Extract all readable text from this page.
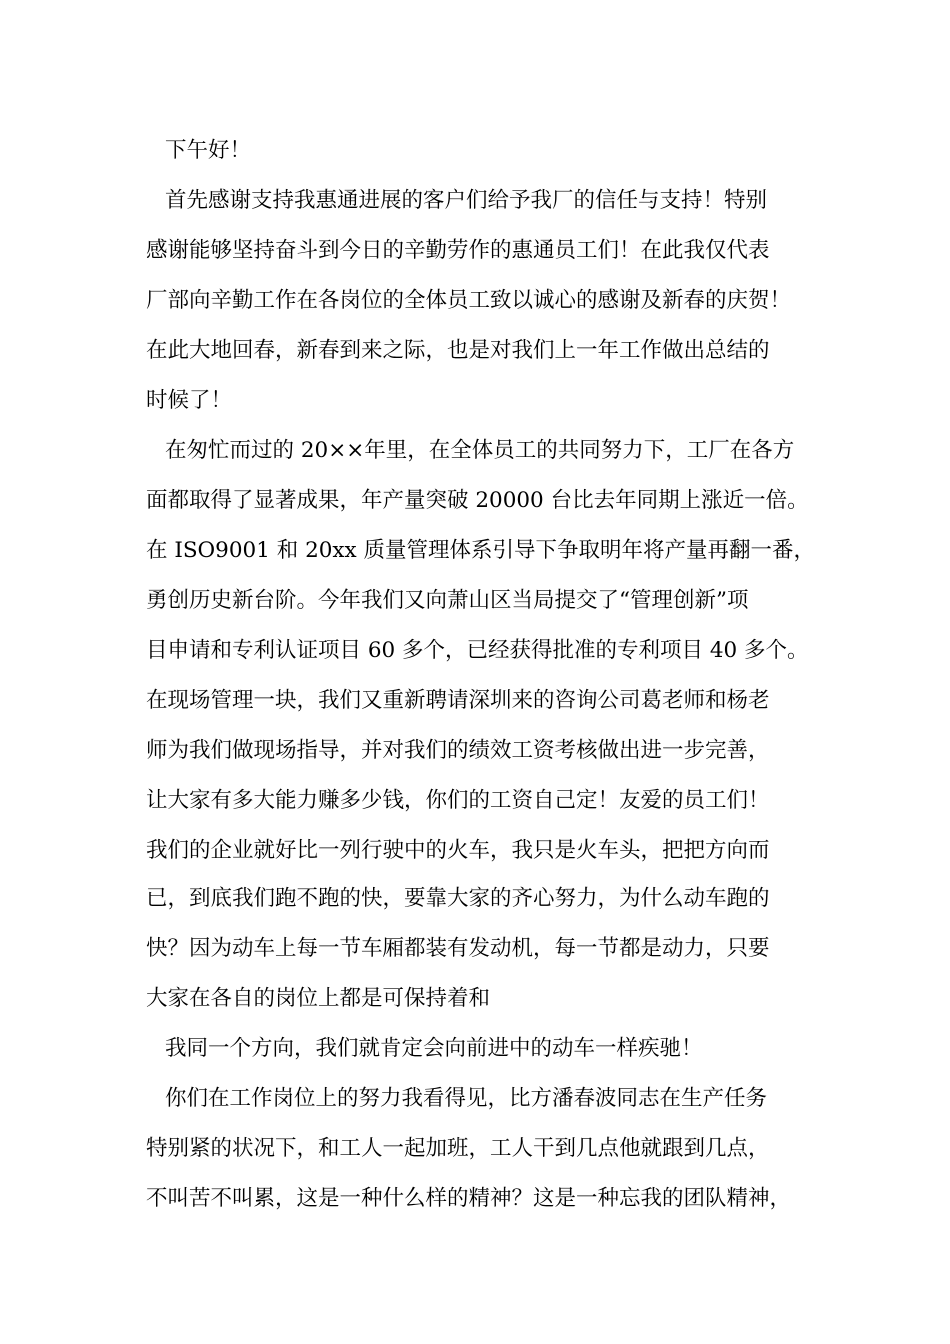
下午好！
首先感谢支持我惠通进展的客户们给予我厂的信任与支持！特别
感谢能够坚持奋斗到今日的辛勤劳作的惠通员工们！在此我仅代表
厂部向辛勤工作在各岗位的全体员工致以诚心的感谢及新春的庆贺！
在此大地回春，新春到来之际，也是对我们上一年工作做出总结的
时候了！
在匆忙而过的 20××年里，在全体员工的共同努力下，工厂在各方
面都取得了显著成果，年产量突破 20000 台比去年同期上涨近一倍。
在 ISO9001 和 20xx 质量管理体系引导下争取明年将产量再翻一番，
勇创历史新台阶。今年我们又向萧山区当局提交了“管理创新”项
目申请和专利认证项目 60 多个，已经获得批准的专利项目 40 多个。
在现场管理一块，我们又重新聘请深圳来的咨询公司葛老师和杨老
师为我们做现场指导，并对我们的绩效工资考核做出进一步完善，
让大家有多大能力赚多少钱，你们的工资自己定！友爱的员工们！
我们的企业就好比一列行驶中的火车，我只是火车头，把把方向而
已，到底我们跑不跑的快，要靠大家的齐心努力，为什么动车跑的
快？因为动车上每一节车厢都装有发动机，每一节都是动力，只要
大家在各自的岗位上都是可保持着和
我同一个方向，我们就肯定会向前进中的动车一样疾驰！
你们在工作岗位上的努力我看得见，比方潘春波同志在生产任务
特别紧的状况下，和工人一起加班，工人干到几点他就跟到几点，
不叫苦不叫累，这是一种什么样的精神？这是一种忘我的团队精神，
